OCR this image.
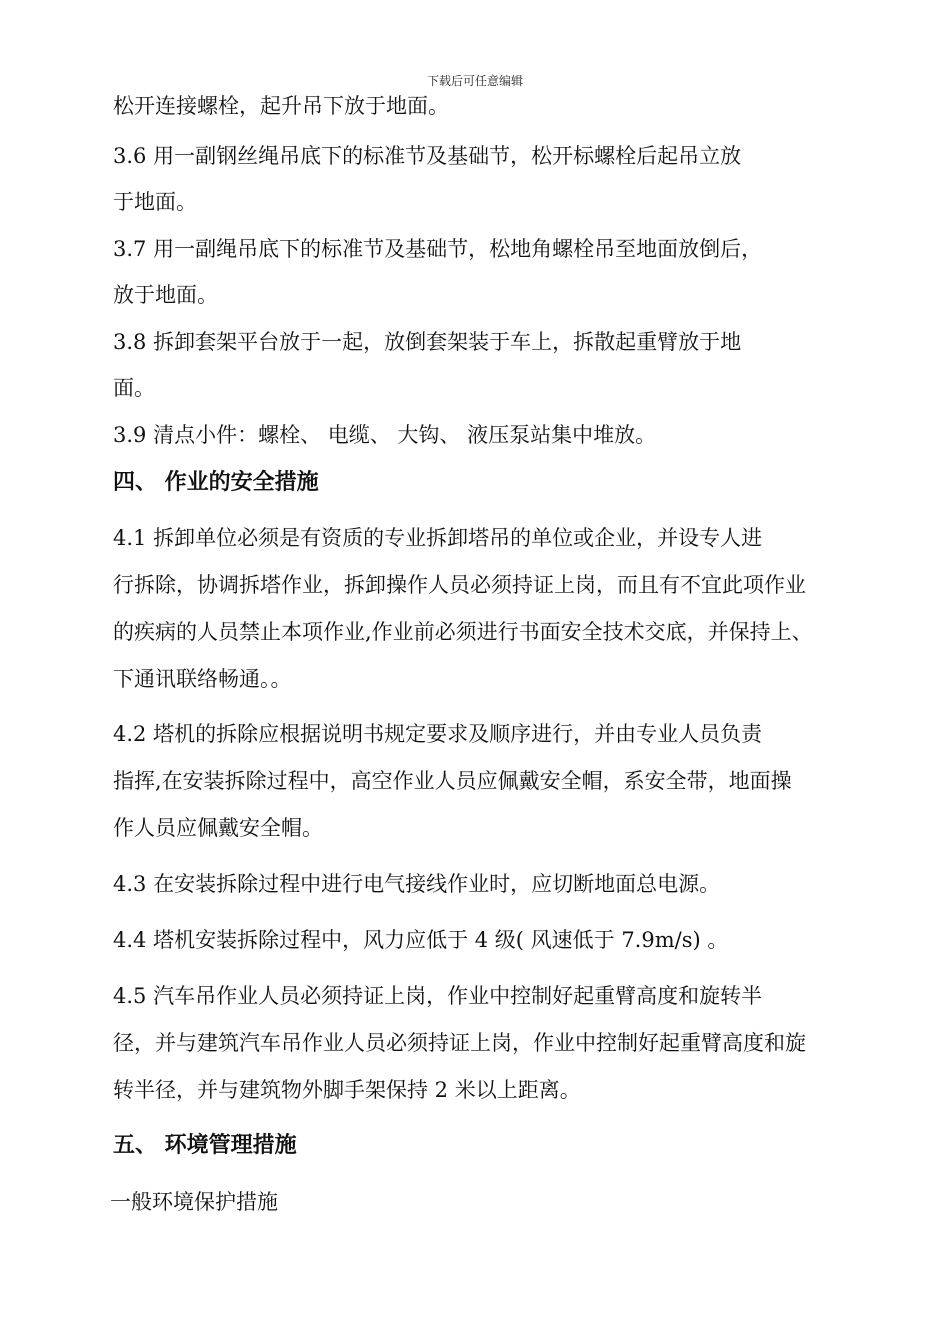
下载后可任意编辑
松开连接螺栓，起升吊下放于地面。
3.6 用一副钢丝绳吊底下的标准节及基础节，松开标螺栓后起吊立放
于地面。
3.7 用一副绳吊底下的标准节及基础节，松地角螺栓吊至地面放倒后，
放于地面。
3.8 拆卸套架平台放于一起，放倒套架装于车上，拆散起重臂放于地
面。
3.9 清点小件：螺栓、 电缆、 大钩、 液压泵站集中堆放。
四、 作业的安全措施
4.1 拆卸单位必须是有资质的专业拆卸塔吊的单位或企业，并设专人进
行拆除，协调拆塔作业，拆卸操作人员必须持证上岗，而且有不宜此项作业
的疾病的人员禁止本项作业,作业前必须进行书面安全技术交底，并保持上、
下通讯联络畅通。。
4.2 塔机的拆除应根据说明书规定要求及顺序进行，并由专业人员负责
指挥,在安装拆除过程中，高空作业人员应佩戴安全帽，系安全带，地面操
作人员应佩戴安全帽。
4.3 在安装拆除过程中进行电气接线作业时，应切断地面总电源。
4.4 塔机安装拆除过程中，风力应低于 4 级( 风速低于 7.9m/s) 。
4.5 汽车吊作业人员必须持证上岗，作业中控制好起重臂高度和旋转半
径，并与建筑汽车吊作业人员必须持证上岗，作业中控制好起重臂高度和旋
转半径，并与建筑物外脚手架保持 2 米以上距离。
五、 环境管理措施
一般环境保护措施
